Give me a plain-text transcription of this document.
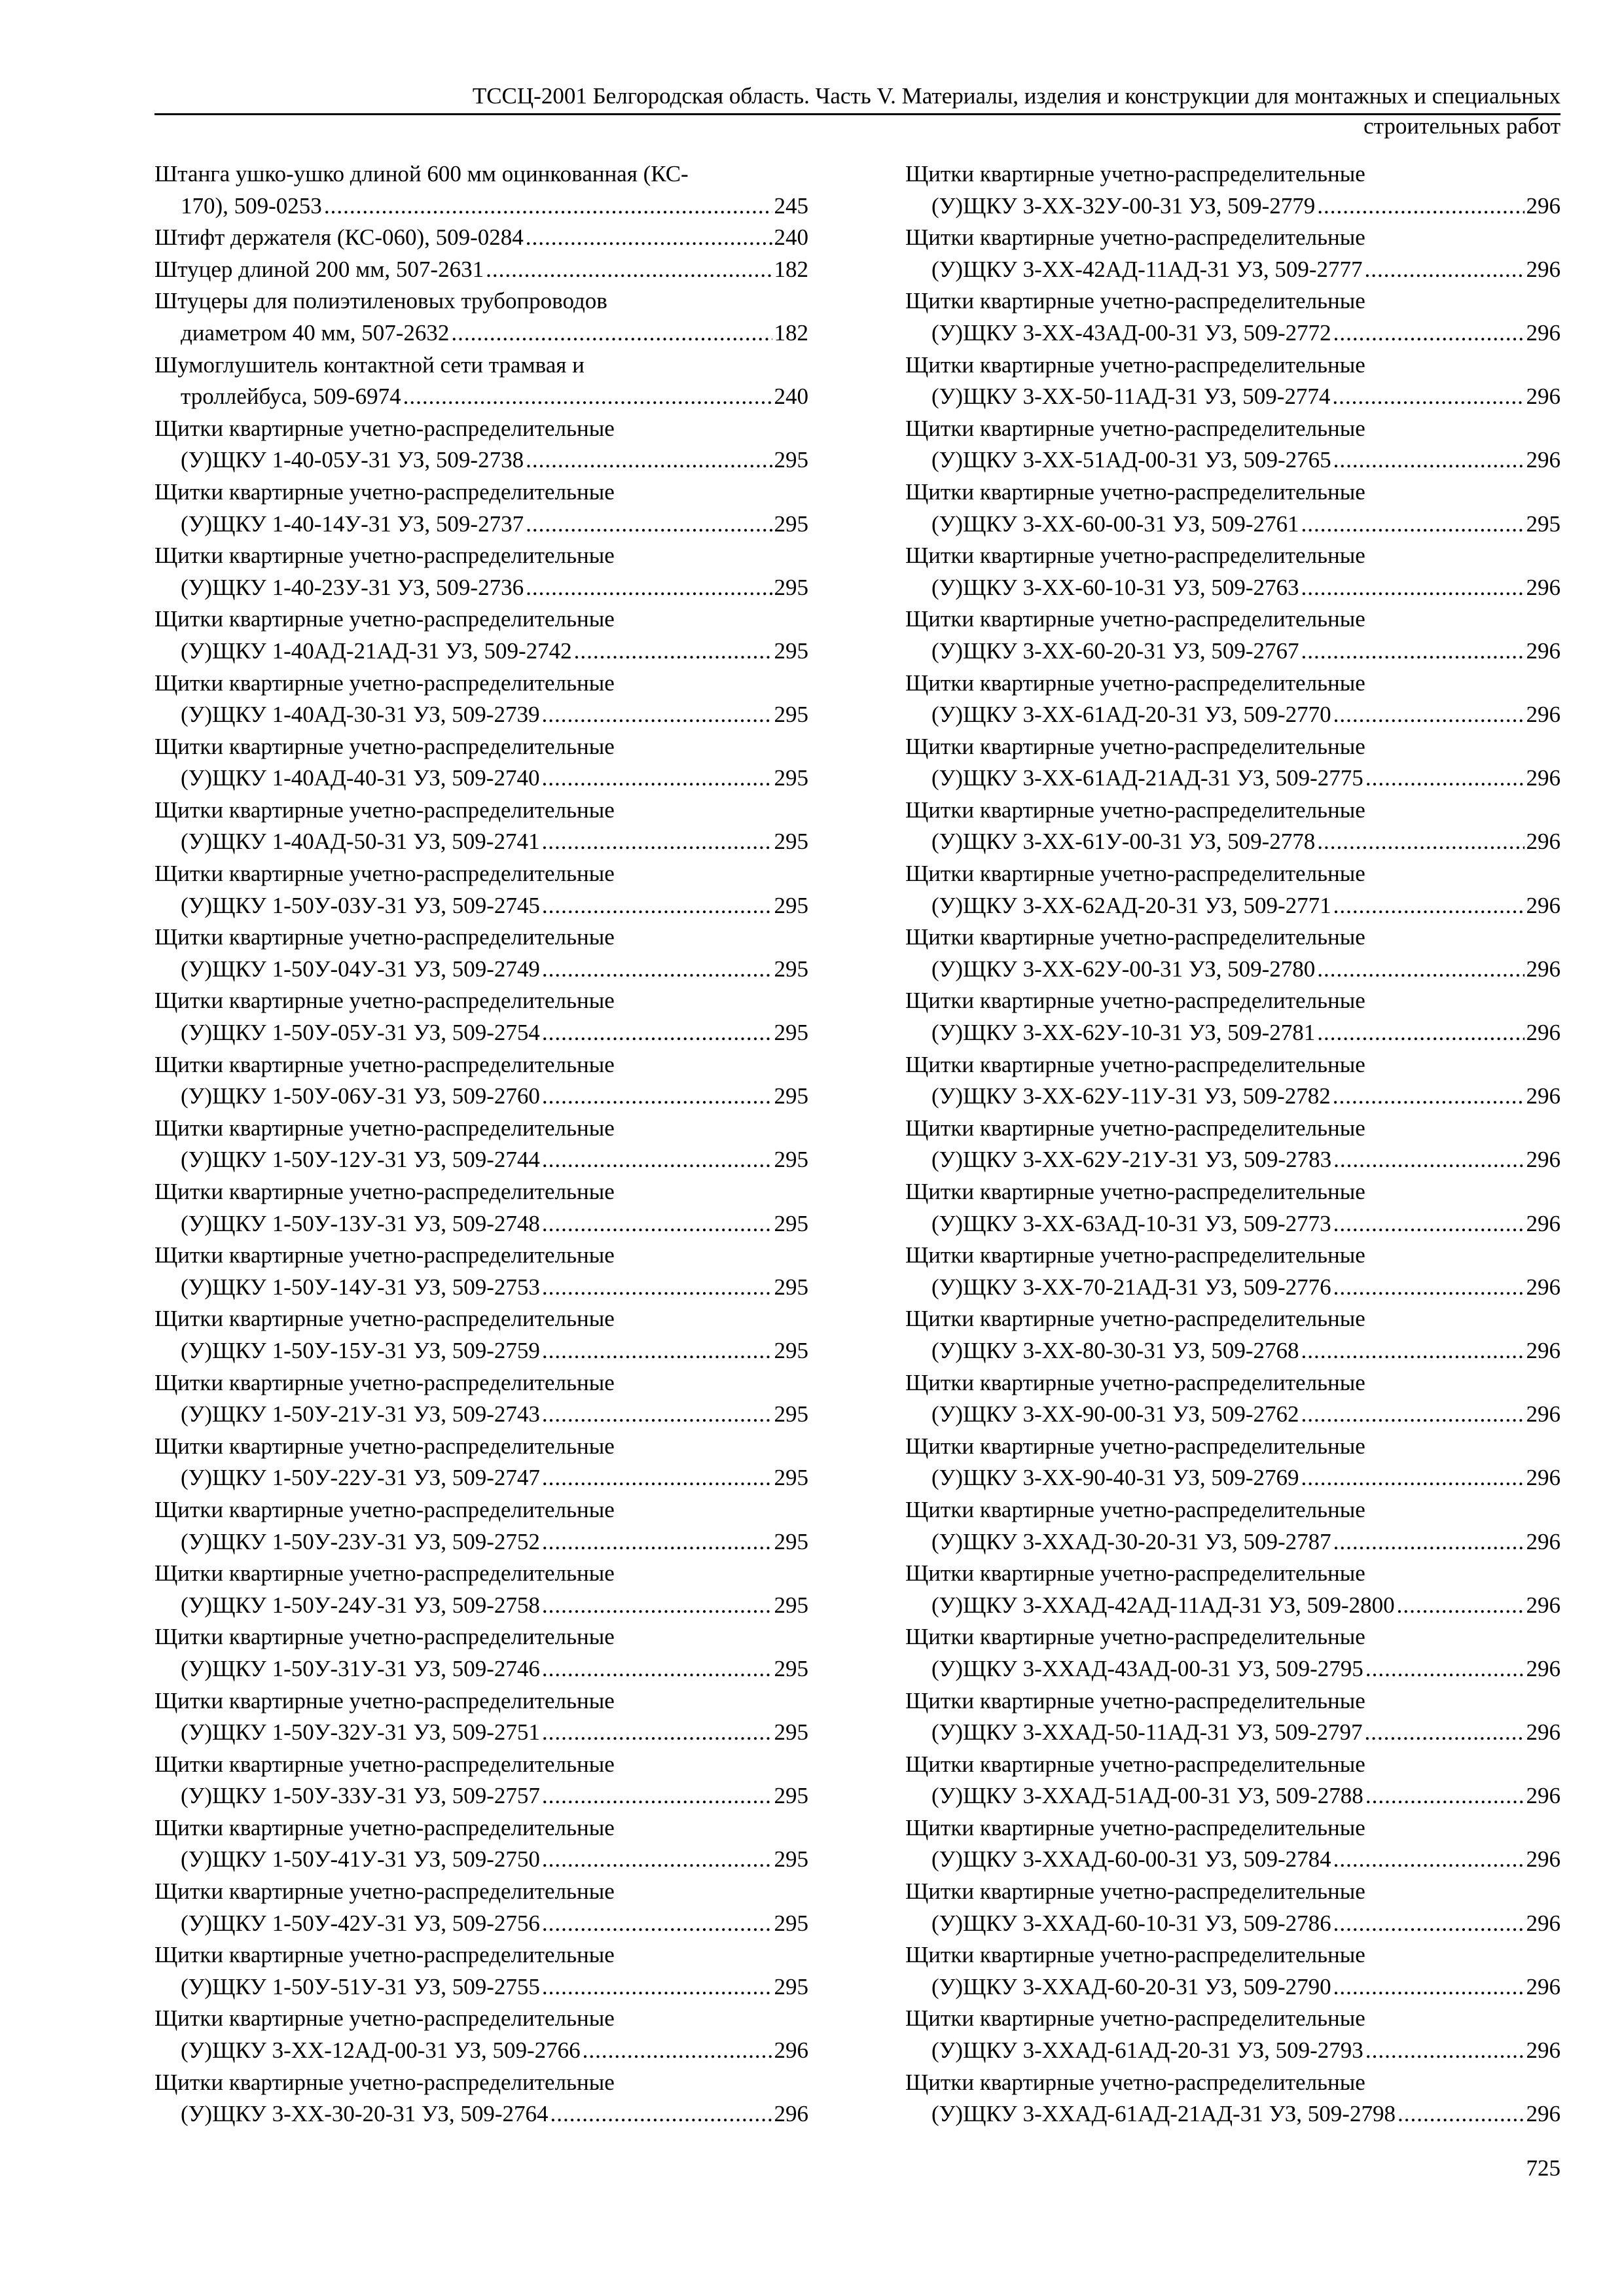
ТССЦ-2001 Белгородская область. Часть V. Материалы, изделия и конструкции для монтажных и специальных
строительных работ
Штанга ушко-ушко длиной 600 мм оцинкованная (КС-
170), 509-0253 .....	245
Штифт держателя (КС-060), 509-0284 .....	240
Штуцер длиной 200 мм, 507-2631 .....	182
Штуцеры для полиэтиленовых трубопроводов
диаметром 40 мм, 507-2632 .....	182
Шумоглушитель контактной сети трамвая и
троллейбуса, 509-6974 .....	240
Щитки квартирные учетно-распределительные
(У)ЩКУ 1-40-05У-31 УЗ, 509-2738 .....	295
Щитки квартирные учетно-распределительные
(У)ЩКУ 1-40-14У-31 УЗ, 509-2737 .....	295
Щитки квартирные учетно-распределительные
(У)ЩКУ 1-40-23У-31 УЗ, 509-2736 .....	295
Щитки квартирные учетно-распределительные
(У)ЩКУ 1-40АД-21АД-31 УЗ, 509-2742 .....	295
Щитки квартирные учетно-распределительные
(У)ЩКУ 1-40АД-30-31 УЗ, 509-2739 .....	295
Щитки квартирные учетно-распределительные
(У)ЩКУ 1-40АД-40-31 УЗ, 509-2740 .....	295
Щитки квартирные учетно-распределительные
(У)ЩКУ 1-40АД-50-31 УЗ, 509-2741 .....	295
Щитки квартирные учетно-распределительные
(У)ЩКУ 1-50У-03У-31 УЗ, 509-2745 .....	295
Щитки квартирные учетно-распределительные
(У)ЩКУ 1-50У-04У-31 УЗ, 509-2749 .....	295
Щитки квартирные учетно-распределительные
(У)ЩКУ 1-50У-05У-31 УЗ, 509-2754 .....	295
Щитки квартирные учетно-распределительные
(У)ЩКУ 1-50У-06У-31 УЗ, 509-2760 .....	295
Щитки квартирные учетно-распределительные
(У)ЩКУ 1-50У-12У-31 УЗ, 509-2744 .....	295
Щитки квартирные учетно-распределительные
(У)ЩКУ 1-50У-13У-31 УЗ, 509-2748 .....	295
Щитки квартирные учетно-распределительные
(У)ЩКУ 1-50У-14У-31 УЗ, 509-2753 .....	295
Щитки квартирные учетно-распределительные
(У)ЩКУ 1-50У-15У-31 УЗ, 509-2759 .....	295
Щитки квартирные учетно-распределительные
(У)ЩКУ 1-50У-21У-31 УЗ, 509-2743 .....	295
Щитки квартирные учетно-распределительные
(У)ЩКУ 1-50У-22У-31 УЗ, 509-2747 .....	295
Щитки квартирные учетно-распределительные
(У)ЩКУ 1-50У-23У-31 УЗ, 509-2752 .....	295
Щитки квартирные учетно-распределительные
(У)ЩКУ 1-50У-24У-31 УЗ, 509-2758 .....	295
Щитки квартирные учетно-распределительные
(У)ЩКУ 1-50У-31У-31 УЗ, 509-2746 .....	295
Щитки квартирные учетно-распределительные
(У)ЩКУ 1-50У-32У-31 УЗ, 509-2751 .....	295
Щитки квартирные учетно-распределительные
(У)ЩКУ 1-50У-33У-31 УЗ, 509-2757 .....	295
Щитки квартирные учетно-распределительные
(У)ЩКУ 1-50У-41У-31 УЗ, 509-2750 .....	295
Щитки квартирные учетно-распределительные
(У)ЩКУ 1-50У-42У-31 УЗ, 509-2756 .....	295
Щитки квартирные учетно-распределительные
(У)ЩКУ 1-50У-51У-31 УЗ, 509-2755 .....	295
Щитки квартирные учетно-распределительные
(У)ЩКУ 3-ХХ-12АД-00-31 УЗ, 509-2766 .....	296
Щитки квартирные учетно-распределительные
(У)ЩКУ 3-ХХ-30-20-31 УЗ, 509-2764 .....	296
Щитки квартирные учетно-распределительные
(У)ЩКУ 3-ХХ-32У-00-31 УЗ, 509-2779 .....	296
Щитки квартирные учетно-распределительные
(У)ЩКУ 3-ХХ-42АД-11АД-31 УЗ, 509-2777 .....	296
Щитки квартирные учетно-распределительные
(У)ЩКУ 3-ХХ-43АД-00-31 УЗ, 509-2772 .....	296
Щитки квартирные учетно-распределительные
(У)ЩКУ 3-ХХ-50-11АД-31 УЗ, 509-2774 .....	296
Щитки квартирные учетно-распределительные
(У)ЩКУ 3-ХХ-51АД-00-31 УЗ, 509-2765 .....	296
Щитки квартирные учетно-распределительные
(У)ЩКУ 3-ХХ-60-00-31 УЗ, 509-2761 .....	295
Щитки квартирные учетно-распределительные
(У)ЩКУ 3-ХХ-60-10-31 УЗ, 509-2763 .....	296
Щитки квартирные учетно-распределительные
(У)ЩКУ 3-ХХ-60-20-31 УЗ, 509-2767 .....	296
Щитки квартирные учетно-распределительные
(У)ЩКУ 3-ХХ-61АД-20-31 УЗ, 509-2770 .....	296
Щитки квартирные учетно-распределительные
(У)ЩКУ 3-ХХ-61АД-21АД-31 УЗ, 509-2775 .....	296
Щитки квартирные учетно-распределительные
(У)ЩКУ 3-ХХ-61У-00-31 УЗ, 509-2778 .....	296
Щитки квартирные учетно-распределительные
(У)ЩКУ 3-ХХ-62АД-20-31 УЗ, 509-2771 .....	296
Щитки квартирные учетно-распределительные
(У)ЩКУ 3-ХХ-62У-00-31 УЗ, 509-2780 .....	296
Щитки квартирные учетно-распределительные
(У)ЩКУ 3-ХХ-62У-10-31 УЗ, 509-2781 .....	296
Щитки квартирные учетно-распределительные
(У)ЩКУ 3-ХХ-62У-11У-31 УЗ, 509-2782 .....	296
Щитки квартирные учетно-распределительные
(У)ЩКУ 3-ХХ-62У-21У-31 УЗ, 509-2783 .....	296
Щитки квартирные учетно-распределительные
(У)ЩКУ 3-ХХ-63АД-10-31 УЗ, 509-2773 .....	296
Щитки квартирные учетно-распределительные
(У)ЩКУ 3-ХХ-70-21АД-31 УЗ, 509-2776 .....	296
Щитки квартирные учетно-распределительные
(У)ЩКУ 3-ХХ-80-30-31 УЗ, 509-2768 .....	296
Щитки квартирные учетно-распределительные
(У)ЩКУ 3-ХХ-90-00-31 УЗ, 509-2762 .....	296
Щитки квартирные учетно-распределительные
(У)ЩКУ 3-ХХ-90-40-31 УЗ, 509-2769 .....	296
Щитки квартирные учетно-распределительные
(У)ЩКУ 3-ХХАД-30-20-31 УЗ, 509-2787 .....	296
Щитки квартирные учетно-распределительные
(У)ЩКУ 3-ХХАД-42АД-11АД-31 УЗ, 509-2800 .....	296
Щитки квартирные учетно-распределительные
(У)ЩКУ 3-ХХАД-43АД-00-31 УЗ, 509-2795 .....	296
Щитки квартирные учетно-распределительные
(У)ЩКУ 3-ХХАД-50-11АД-31 УЗ, 509-2797 .....	296
Щитки квартирные учетно-распределительные
(У)ЩКУ 3-ХХАД-51АД-00-31 УЗ, 509-2788 .....	296
Щитки квартирные учетно-распределительные
(У)ЩКУ 3-ХХАД-60-00-31 УЗ, 509-2784 .....	296
Щитки квартирные учетно-распределительные
(У)ЩКУ 3-ХХАД-60-10-31 УЗ, 509-2786 .....	296
Щитки квартирные учетно-распределительные
(У)ЩКУ 3-ХХАД-60-20-31 УЗ, 509-2790 .....	296
Щитки квартирные учетно-распределительные
(У)ЩКУ 3-ХХАД-61АД-20-31 УЗ, 509-2793 .....	296
Щитки квартирные учетно-распределительные
(У)ЩКУ 3-ХХАД-61АД-21АД-31 УЗ, 509-2798 .....	296
725
